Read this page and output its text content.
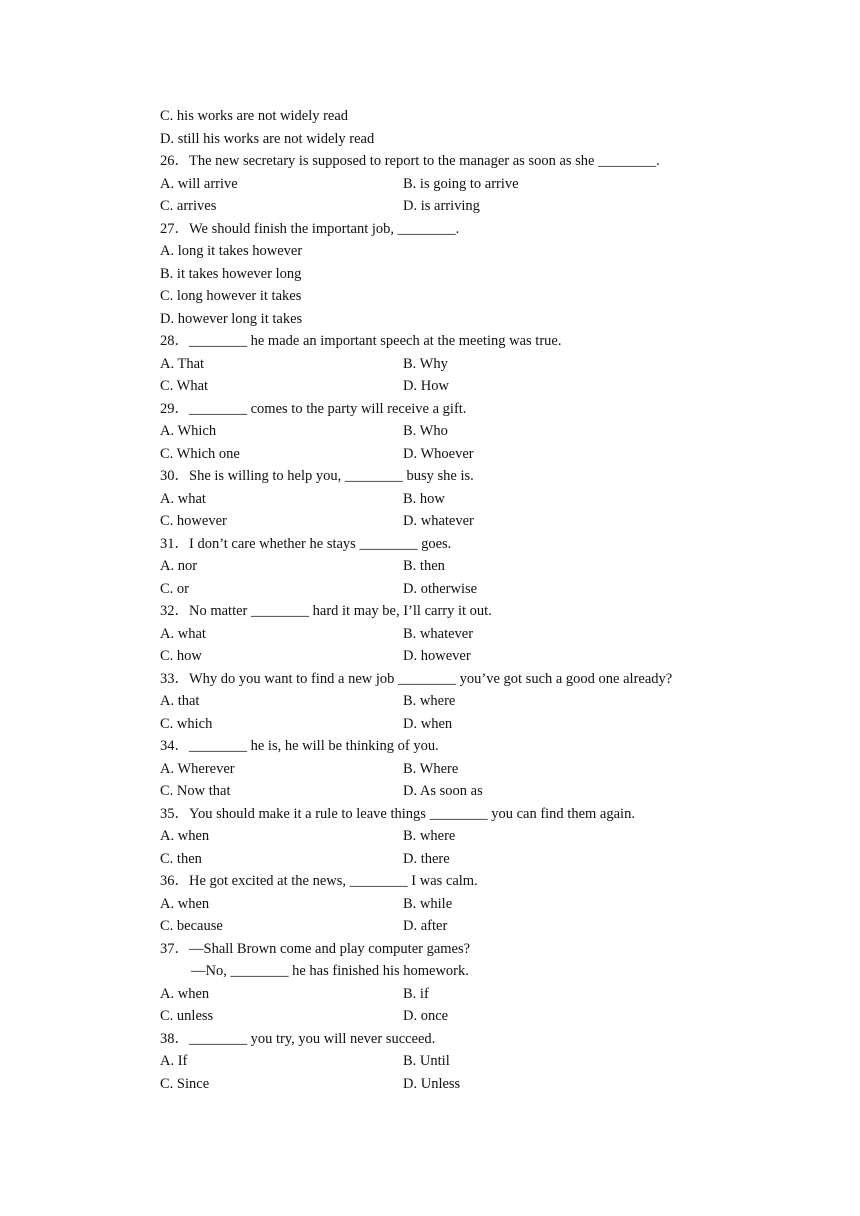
C. his works are not widely read
D. still his works are not widely read
26．The new secretary is supposed to report to the manager as soon as she ________.
A. will arrive	B. is going to arrive
C. arrives	D. is arriving
27．We should finish the important job, ________.
A. long it takes however
B. it takes however long
C. long however it takes
D. however long it takes
28．________ he made an important speech at the meeting was true.
A. That	B. Why
C. What	D. How
29．________ comes to the party will receive a gift.
A. Which	B. Who
C. Which one	D. Whoever
30．She is willing to help you, ________ busy she is.
A. what	B. how
C. however	D. whatever
31．I don’t care whether he stays ________ goes.
A. nor	B. then
C. or	D. otherwise
32．No matter ________ hard it may be, I’ll carry it out.
A. what	B. whatever
C. how	D. however
33．Why do you want to find a new job ________ you’ve got such a good one already?
A. that	B. where
C. which	D. when
34．________ he is, he will be thinking of you.
A. Wherever	B. Where
C. Now that	D. As soon as
35．You should make it a rule to leave things ________ you can find them again.
A. when	B. where
C. then	D. there
36．He got excited at the news, ________ I was calm.
A. when	B. while
C. because	D. after
37．—Shall Brown come and play computer games?
—No, ________ he has finished his homework.
A. when	B. if
C. unless	D. once
38．________ you try, you will never succeed.
A. If	B. Until
C. Since	D. Unless
